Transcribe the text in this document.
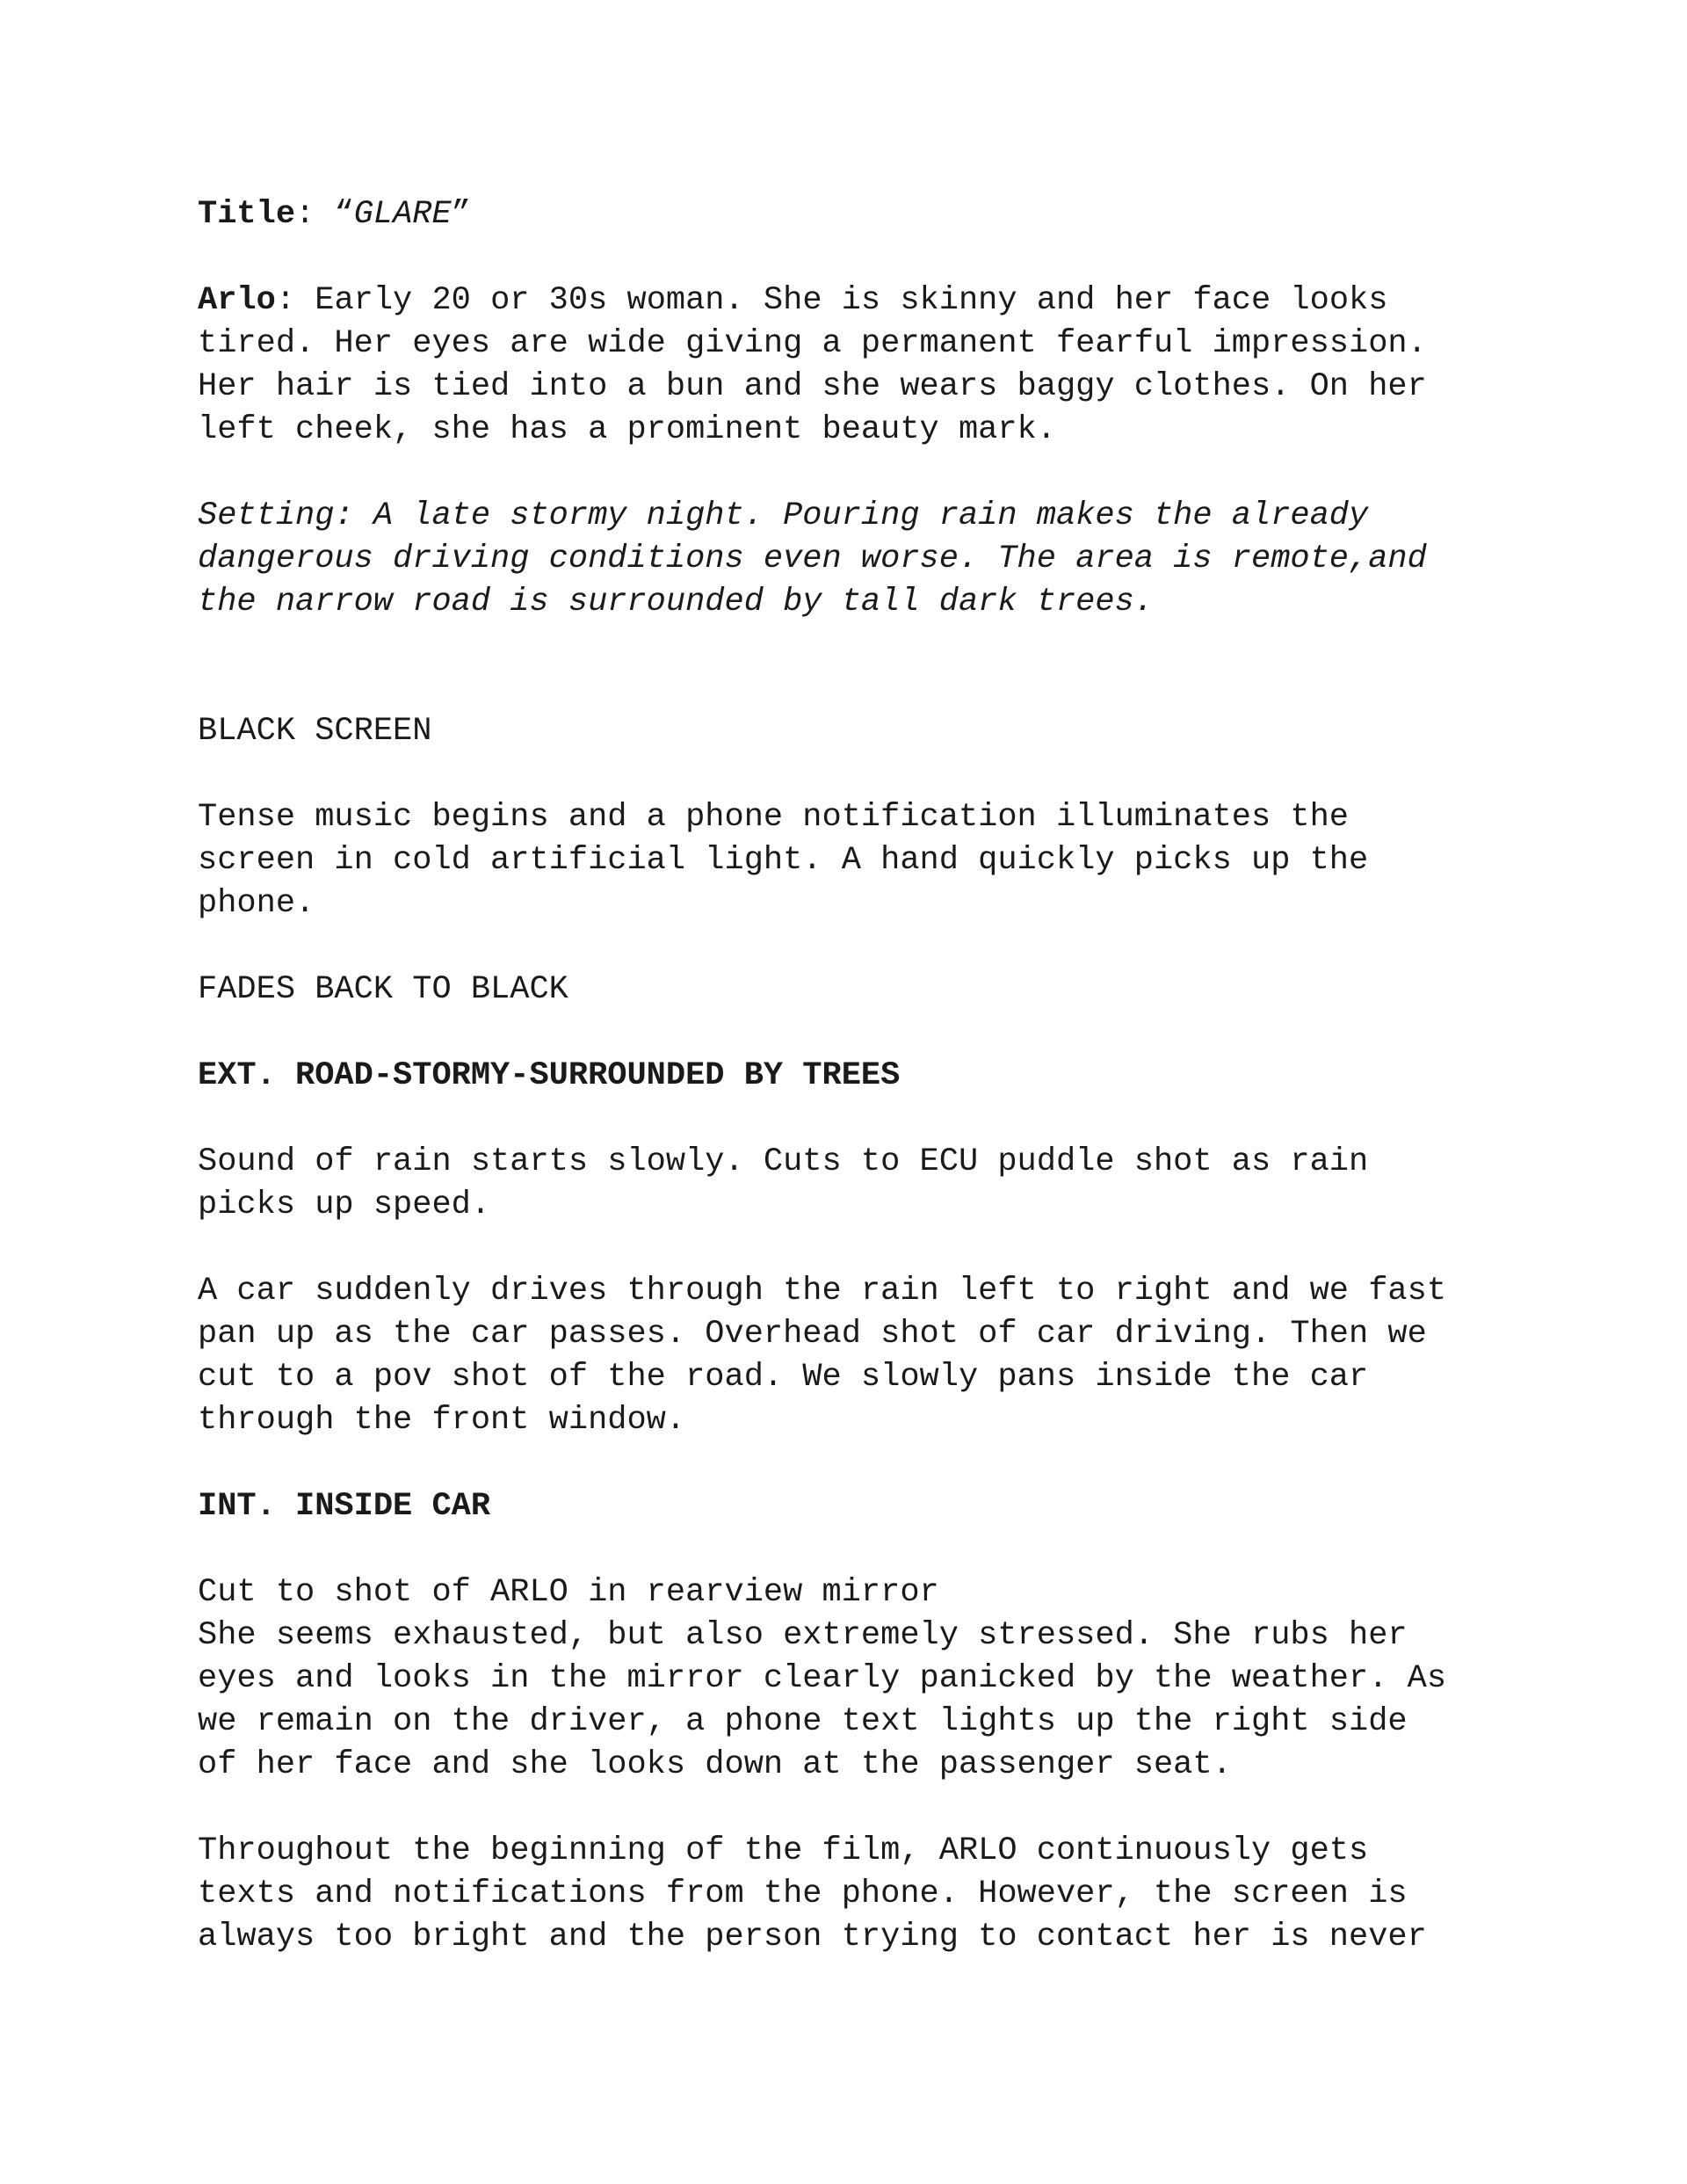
Title: “GLARE”
Arlo: Early 20 or 30s woman. She is skinny and her face looks
tired. Her eyes are wide giving a permanent fearful impression.
Her hair is tied into a bun and she wears baggy clothes. On her
left cheek, she has a prominent beauty mark.
Setting: A late stormy night. Pouring rain makes the already
dangerous driving conditions even worse. The area is remote,and
the narrow road is surrounded by tall dark trees.
BLACK SCREEN
Tense music begins and a phone notification illuminates the
screen in cold artificial light. A hand quickly picks up the
phone.
FADES BACK TO BLACK
EXT. ROAD-STORMY-SURROUNDED BY TREES
Sound of rain starts slowly. Cuts to ECU puddle shot as rain
picks up speed.
A car suddenly drives through the rain left to right and we fast
pan up as the car passes. Overhead shot of car driving. Then we
cut to a pov shot of the road. We slowly pans inside the car
through the front window.
INT. INSIDE CAR
Cut to shot of ARLO in rearview mirror
She seems exhausted, but also extremely stressed. She rubs her
eyes and looks in the mirror clearly panicked by the weather. As
we remain on the driver, a phone text lights up the right side
of her face and she looks down at the passenger seat.
Throughout the beginning of the film, ARLO continuously gets
texts and notifications from the phone. However, the screen is
always too bright and the person trying to contact her is never
